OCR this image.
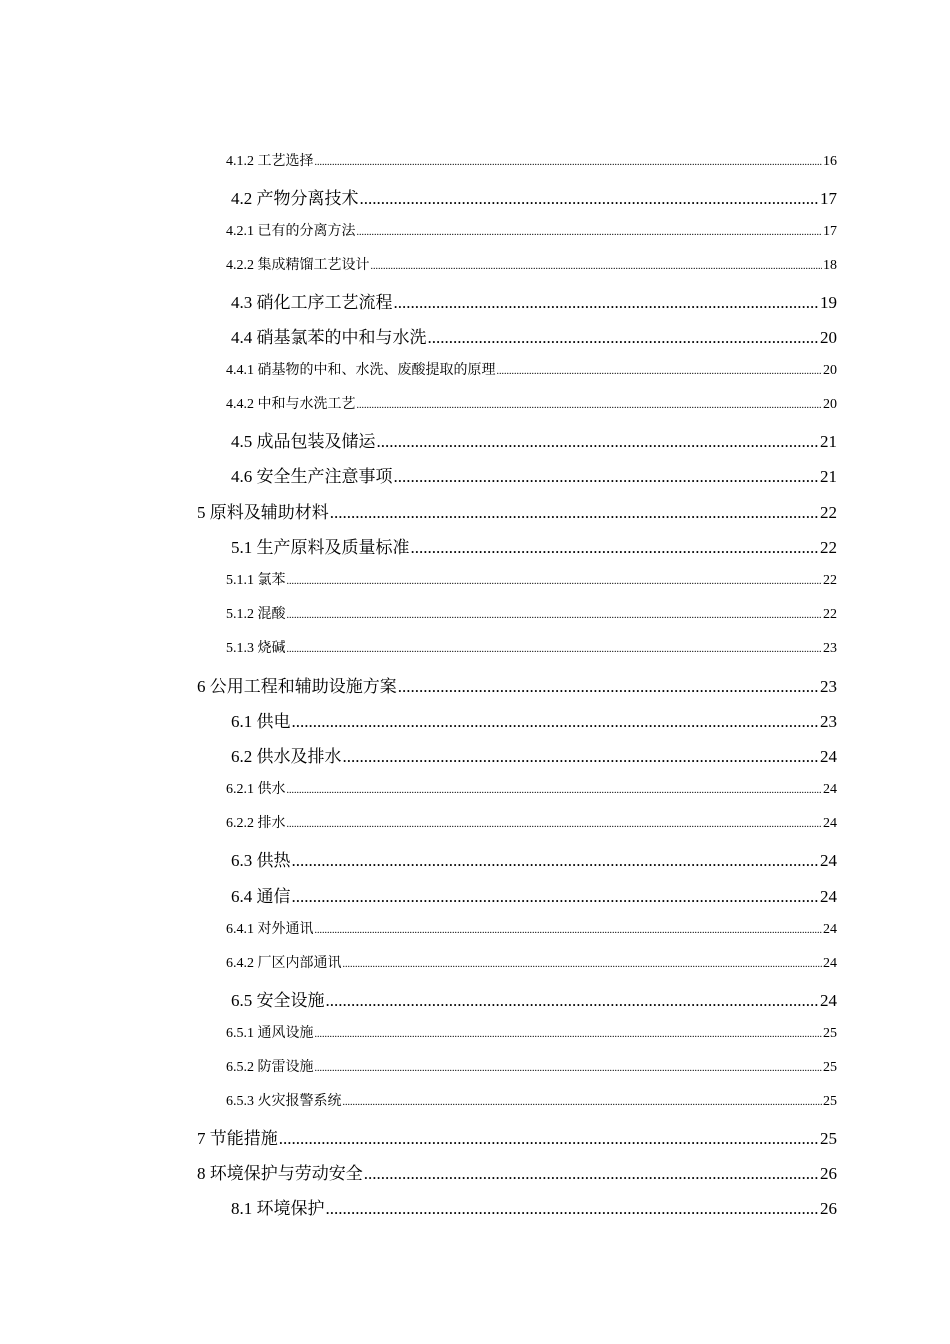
4.1.2 工艺选择 .....	16
4.2 产物分离技术 .....	17
4.2.1 已有的分离方法 .....	17
4.2.2 集成精馏工艺设计 .....	18
4.3 硝化工序工艺流程 .....	19
4.4 硝基氯苯的中和与水洗 .....	20
4.4.1 硝基物的中和、水洗、废酸提取的原理 .....	20
4.4.2 中和与水洗工艺 .....	20
4.5 成品包装及储运 .....	21
4.6 安全生产注意事项 .....	21
5 原料及辅助材料 .....	22
5.1 生产原料及质量标准 .....	22
5.1.1 氯苯 .....	22
5.1.2 混酸 .....	22
5.1.3 烧碱 .....	23
6 公用工程和辅助设施方案 .....	23
6.1 供电 .....	23
6.2 供水及排水 .....	24
6.2.1 供水 .....	24
6.2.2 排水 .....	24
6.3 供热 .....	24
6.4 通信 .....	24
6.4.1 对外通讯 .....	24
6.4.2 厂区内部通讯 .....	24
6.5 安全设施 .....	24
6.5.1 通风设施 .....	25
6.5.2 防雷设施 .....	25
6.5.3 火灾报警系统 .....	25
7 节能措施 .....	25
8 环境保护与劳动安全 .....	26
8.1 环境保护 .....	26
